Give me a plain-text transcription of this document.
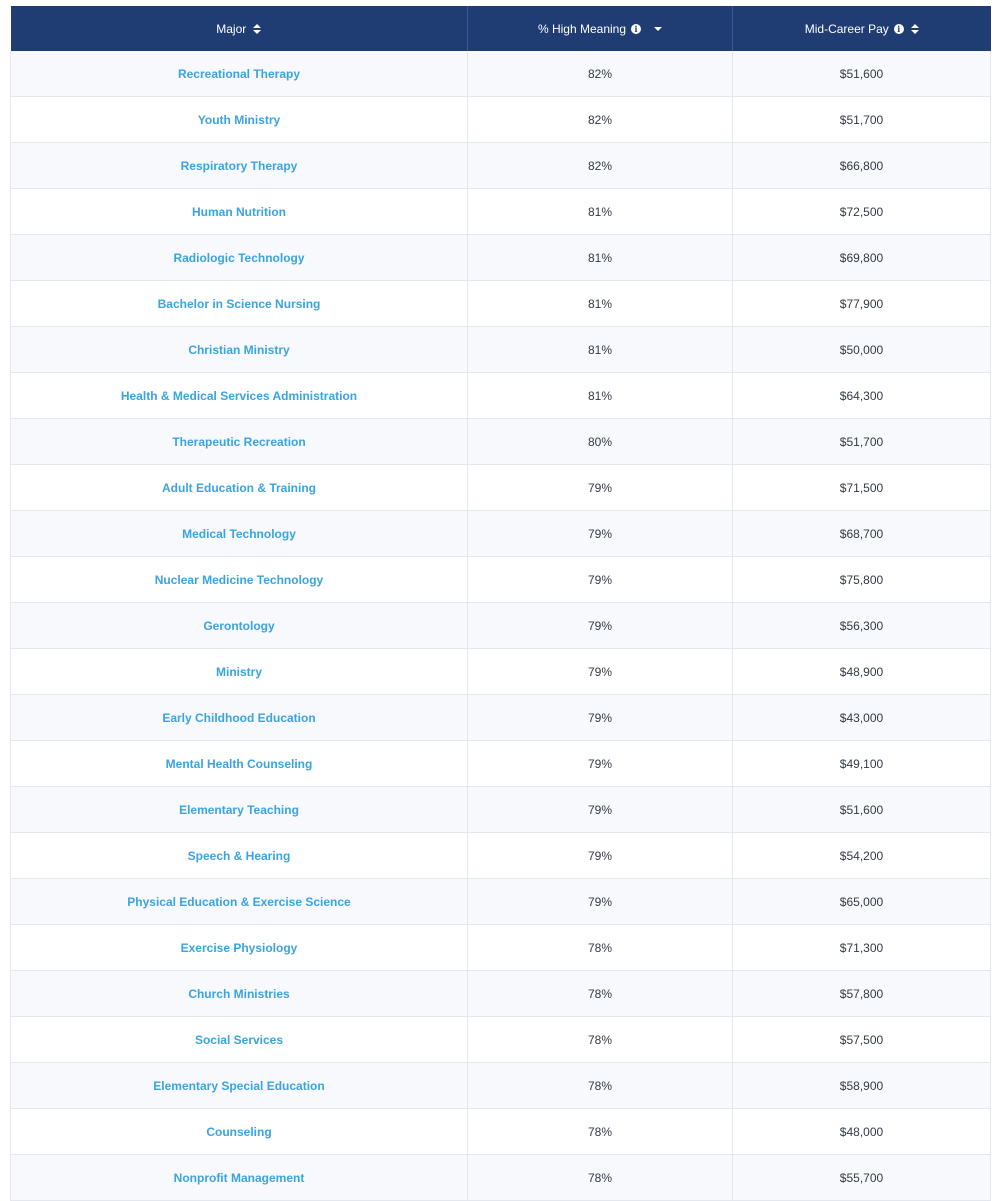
Major	% High Meaning i	Mid-Career Pay i

Recreational Therapy	82%	$51,600
Youth Ministry	82%	$51,700
Respiratory Therapy	82%	$66,800
Human Nutrition	81%	$72,500
Radiologic Technology	81%	$69,800
Bachelor in Science Nursing	81%	$77,900
Christian Ministry	81%	$50,000
Health & Medical Services Administration	81%	$64,300
Therapeutic Recreation	80%	$51,700
Adult Education & Training	79%	$71,500
Medical Technology	79%	$68,700
Nuclear Medicine Technology	79%	$75,800
Gerontology	79%	$56,300
Ministry	79%	$48,900
Early Childhood Education	79%	$43,000
Mental Health Counseling	79%	$49,100
Elementary Teaching	79%	$51,600
Speech & Hearing	79%	$54,200
Physical Education & Exercise Science	79%	$65,000
Exercise Physiology	78%	$71,300
Church Ministries	78%	$57,800
Social Services	78%	$57,500
Elementary Special Education	78%	$58,900
Counseling	78%	$48,000
Nonprofit Management	78%	$55,700
